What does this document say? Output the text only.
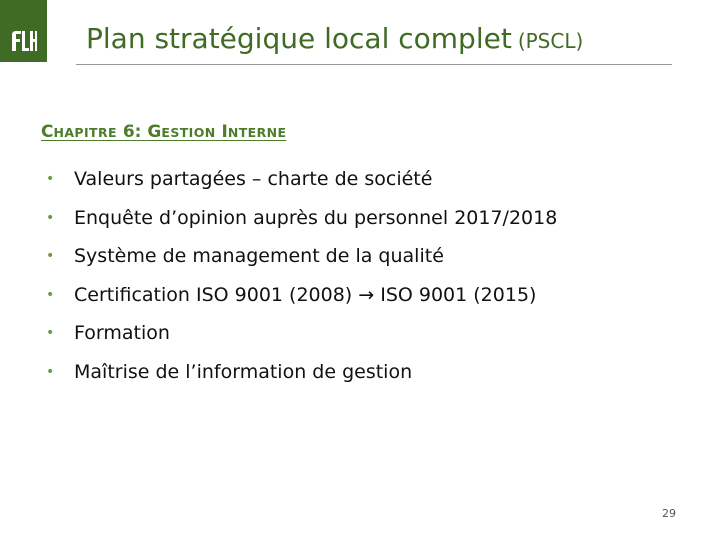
Plan stratégique local complet (PSCL)
CHAPITRE 6: GESTION INTERNE
•	Valeurs partagées – charte de société
•	Enquête d’opinion auprès du personnel 2017/2018
•	Système de management de la qualité
•	Certification ISO 9001 (2008) → ISO 9001 (2015)
•	Formation
•	Maîtrise de l’information de gestion
29
